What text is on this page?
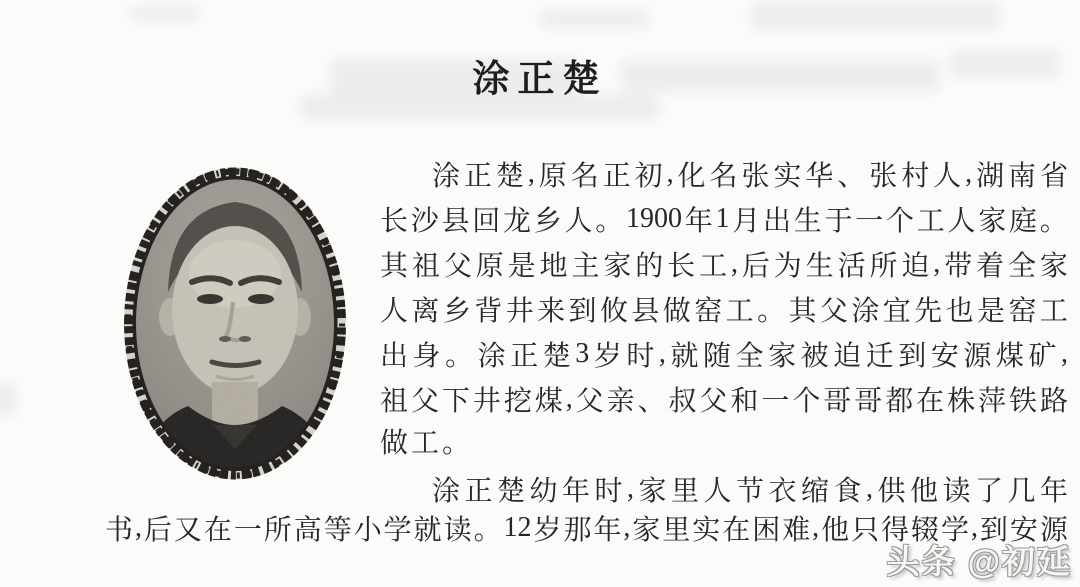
涂正楚
涂 正 楚 , 原 名 正 初 , 化 名 张 实 华 、 张 村 人 , 湖 南 省
长 沙 县 回 龙 乡 人 。 1900 年 1 月 出 生 于 一 个 工 人 家 庭 。
其 祖 父 原 是 地 主 家 的 长 工 , 后 为 生 活 所 迫 , 带 着 全 家
人 离 乡 背 井 来 到 攸 县 做 窑 工 。 其 父 涂 宜 先 也 是 窑 工
出 身 。 涂 正 楚 3 岁 时 , 就 随 全 家 被 迫 迁 到 安 源 煤 矿 ,
祖 父 下 井 挖 煤 , 父 亲 、 叔 父 和 一 个 哥 哥 都 在 株 萍 铁 路
做工。
涂 正 楚 幼 年 时 , 家 里 人 节 衣 缩 食 , 供 他 读 了 几 年
书 , 后 又 在 一 所 高 等 小 学 就 读 。 12 岁 那 年 , 家 里 实 在 困 难 , 他 只 得 辍 学 , 到 安 源
头条 @初延
